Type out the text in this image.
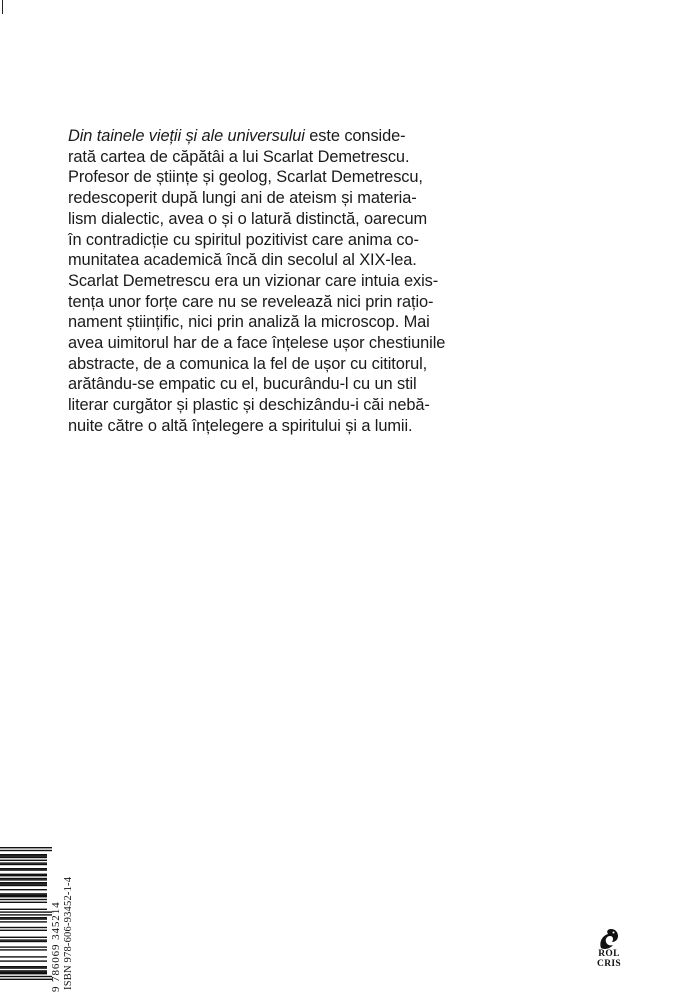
Din tainele vieții și ale universului este conside-
rată cartea de căpătâi a lui Scarlat Demetrescu.
Profesor de științe și geolog, Scarlat Demetrescu,
redescoperit după lungi ani de ateism și materia-
lism dialectic, avea o și o latură distinctă, oarecum
în contradicție cu spiritul pozitivist care anima co-
munitatea academică încă din secolul al XIX-lea.
Scarlat Demetrescu era un vizionar care intuia exis-
tența unor forțe care nu se revelează nici prin rațio-
nament științific, nici prin analiză la microscop. Mai
avea uimitorul har de a face înțelese ușor chestiunile
abstracte, de a comunica la fel de ușor cu cititorul,
arătându-se empatic cu el, bucurându-l cu un stil
literar curgător și plastic și deschizându-i căi nebă-
nuite către o altă înțelegere a spiritului și a lumii.
9 786069 345214 ISBN 978-606-93452-1-4	ROL
CRIS
